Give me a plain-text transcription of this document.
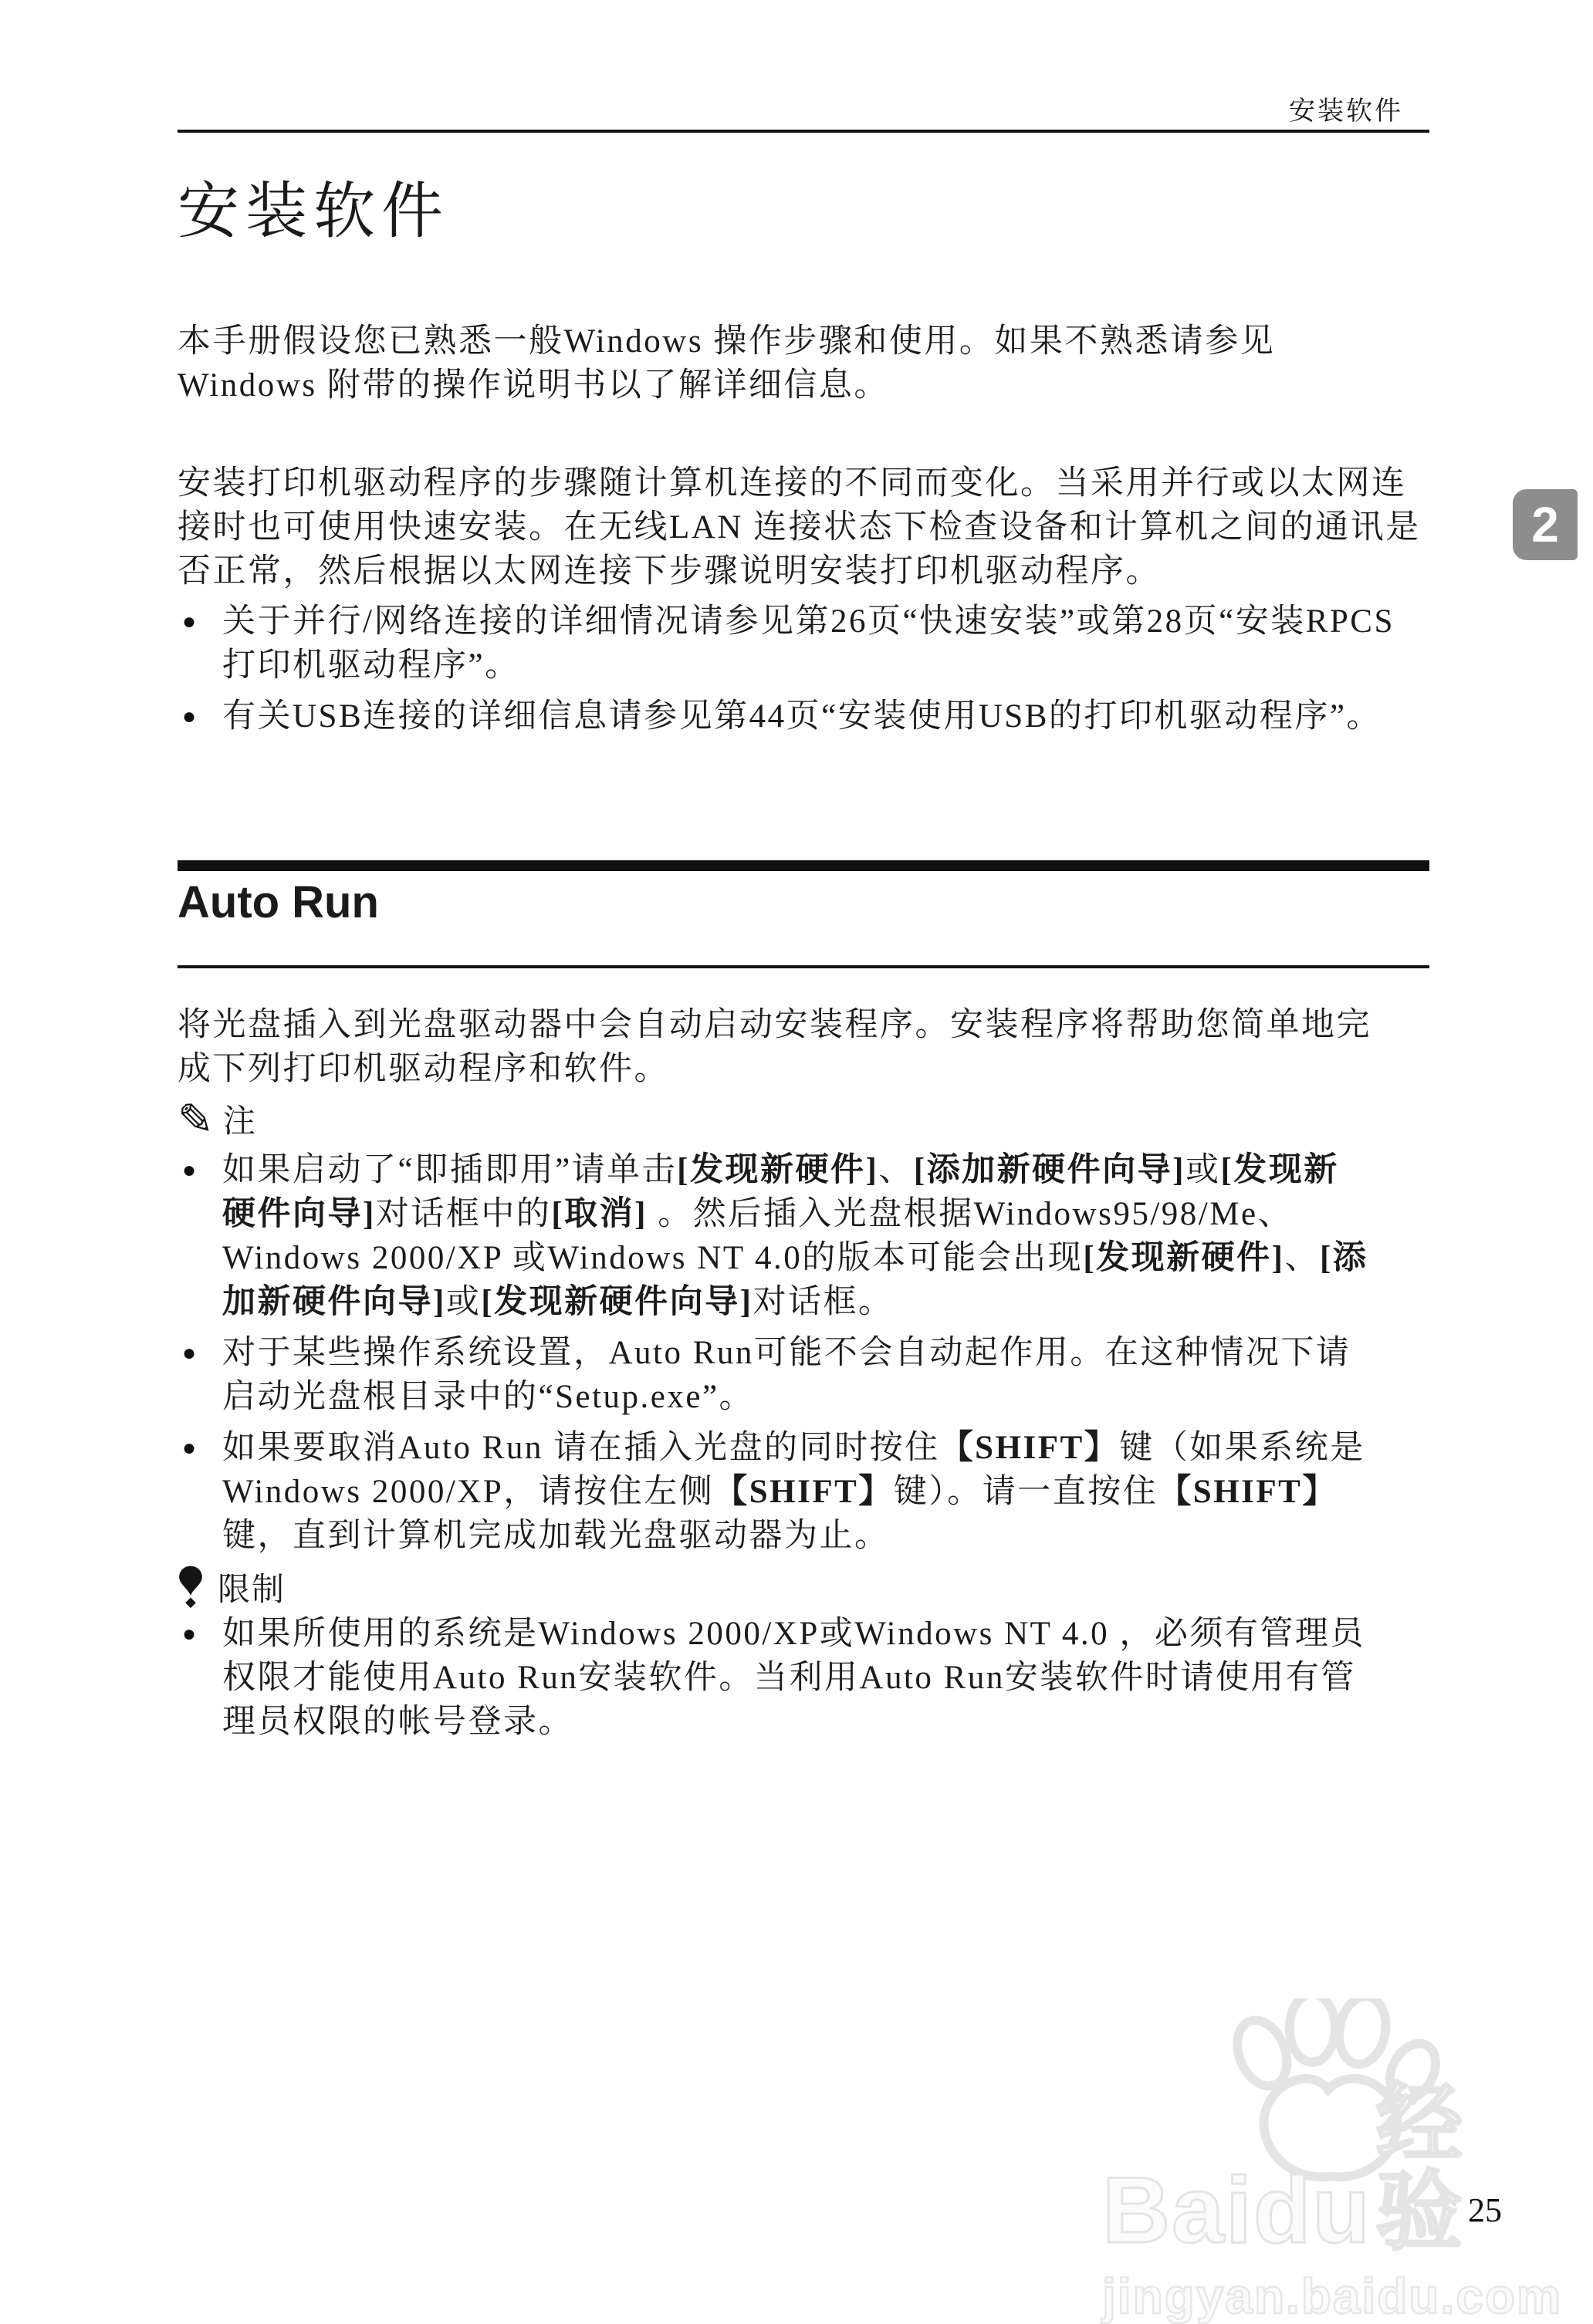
安装软件
安装软件
本手册假设您已熟悉一般Windows 操作步骤和使用。如果不熟悉请参见
Windows 附带的操作说明书以了解详细信息。
安装打印机驱动程序的步骤随计算机连接的不同而变化。当采用并行或以太网连
接时也可使用快速安装。在无线LAN 连接状态下检查设备和计算机之间的通讯是
否正常，然后根据以太网连接下步骤说明安装打印机驱动程序。
● 关于并行/网络连接的详细情况请参见第26页“快速安装”或第28页“安装RPCS
打印机驱动程序”。
● 有关USB连接的详细信息请参见第44页“安装使用USB的打印机驱动程序”。
Auto Run
将光盘插入到光盘驱动器中会自动启动安装程序。安装程序将帮助您简单地完
成下列打印机驱动程序和软件。
✎ 注
● 如果启动了“即插即用”请单击[发现新硬件]、[添加新硬件向导]或[发现新
硬件向导]对话框中的[取消] 。然后插入光盘根据Windows95/98/Me、
Windows 2000/XP 或Windows NT 4.0的版本可能会出现[发现新硬件]、[添
加新硬件向导]或[发现新硬件向导]对话框。
● 对于某些操作系统设置，Auto Run可能不会自动起作用。在这种情况下请
启动光盘根目录中的“Setup.exe”。
● 如果要取消Auto Run 请在插入光盘的同时按住【SHIFT】键（如果系统是
Windows 2000/XP，请按住左侧【SHIFT】键）。请一直按住【SHIFT】
键，直到计算机完成加载光盘驱动器为止。
限制
● 如果所使用的系统是Windows 2000/XP或Windows NT 4.0 ，必须有管理员
权限才能使用Auto Run安装软件。当利用Auto Run安装软件时请使用有管
理员权限的帐号登录。
2
Baidu
经验
jingyan.baidu.com
25
